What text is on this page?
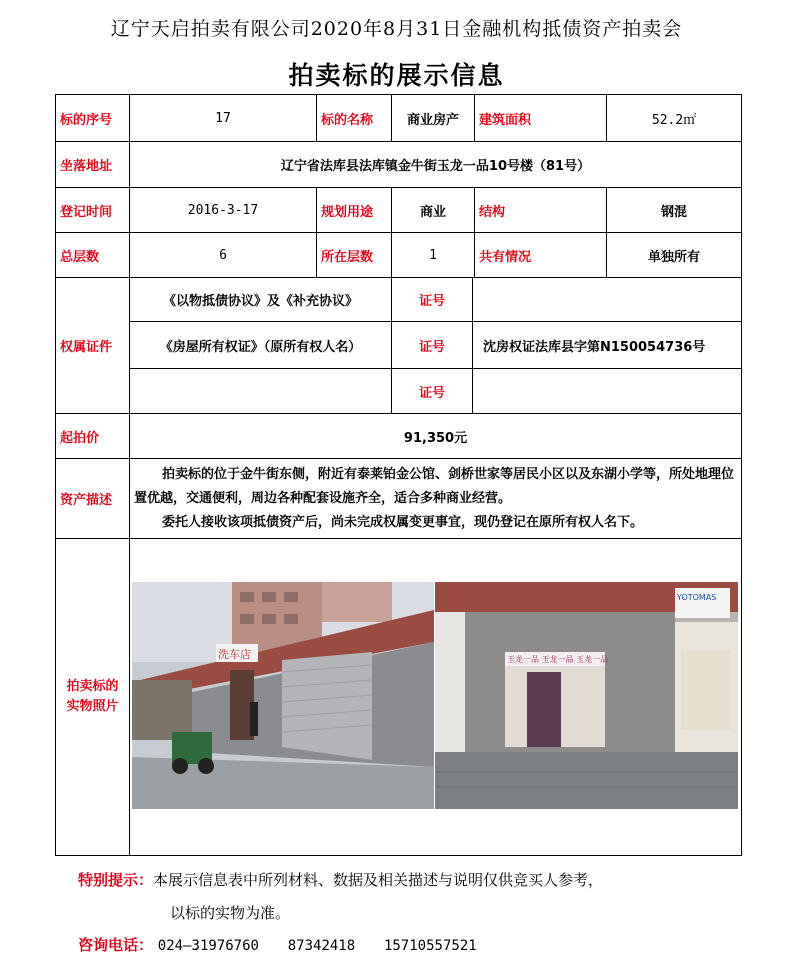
辽宁天启拍卖有限公司2020年8月31日金融机构抵债资产拍卖会
拍卖标的展示信息
标的序号	17	标的名称	商业房产		建筑面积	52.2㎡
坐落地址	辽宁省法库县法库镇金牛街玉龙一品10号楼（81号）					
登记时间	2016-3-17	规划用途	商业		结构	钢混
总层数	6	所在层数	1		共有情况	单独所有
权属证件	《以物抵债协议》及《补充协议》		证号			
	《房屋所有权证》（原所有权人名）		证号	沈房权证法库县字第N150054736号		
			证号			
起拍价	91,350元					
资产描述	拍卖标的位于金牛街东侧，附近有泰莱铂金公馆、剑桥世家等居民小区以及东湖小学等，所处地理位置优越，交通便利，周边各种配套设施齐全，适合多种商业经营。

委托人接收该项抵债资产后，尚未完成权属变更事宜，现仍登记在原所有权人名下。					

拍卖标的实物照片	洗车店
YOTOMAS
玉龙一品 玉龙一品 玉龙一品					
特别提示：本展示信息表中所列材料、数据及相关描述与说明仅供竞买人参考，
以标的实物为准。
咨询电话： 024—31976760 87342418 15710557521
